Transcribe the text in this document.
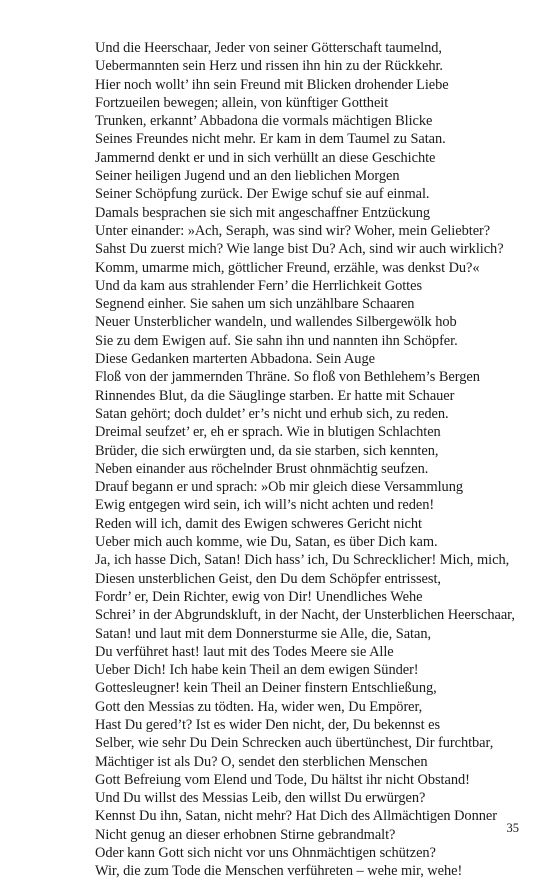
Und die Heerschaar, Jeder von seiner Götterschaft taumelnd,
Uebermannten sein Herz und rissen ihn hin zu der Rückkehr.
Hier noch wollt’ ihn sein Freund mit Blicken drohender Liebe
Fortzueilen bewegen; allein, von künftiger Gottheit
Trunken, erkannt’ Abbadona die vormals mächtigen Blicke
Seines Freundes nicht mehr. Er kam in dem Taumel zu Satan.
Jammernd denkt er und in sich verhüllt an diese Geschichte
Seiner heiligen Jugend und an den lieblichen Morgen
Seiner Schöpfung zurück. Der Ewige schuf sie auf einmal.
Damals besprachen sie sich mit angeschaffner Entzückung
Unter einander: »Ach, Seraph, was sind wir? Woher, mein Geliebter?
Sahst Du zuerst mich? Wie lange bist Du? Ach, sind wir auch wirklich?
Komm, umarme mich, göttlicher Freund, erzähle, was denkst Du?«
Und da kam aus strahlender Fern’ die Herrlichkeit Gottes
Segnend einher. Sie sahen um sich unzählbare Schaaren
Neuer Unsterblicher wandeln, und wallendes Silbergewölk hob
Sie zu dem Ewigen auf. Sie sahn ihn und nannten ihn Schöpfer.
Diese Gedanken marterten Abbadona. Sein Auge
Floß von der jammernden Thräne. So floß von Bethlehem’s Bergen
Rinnendes Blut, da die Säuglinge starben. Er hatte mit Schauer
Satan gehört; doch duldet’ er’s nicht und erhub sich, zu reden.
Dreimal seufzet’ er, eh er sprach. Wie in blutigen Schlachten
Brüder, die sich erwürgten und, da sie starben, sich kennten,
Neben einander aus röchelnder Brust ohnmächtig seufzen.
Drauf begann er und sprach: »Ob mir gleich diese Versammlung
Ewig entgegen wird sein, ich will’s nicht achten und reden!
Reden will ich, damit des Ewigen schweres Gericht nicht
Ueber mich auch komme, wie Du, Satan, es über Dich kam.
Ja, ich hasse Dich, Satan! Dich hass’ ich, Du Schrecklicher! Mich, mich,
Diesen unsterblichen Geist, den Du dem Schöpfer entrissest,
Fordr’ er, Dein Richter, ewig von Dir! Unendliches Wehe
Schrei’ in der Abgrundskluft, in der Nacht, der Unsterblichen Heerschaar,
Satan! und laut mit dem Donnersturme sie Alle, die, Satan,
Du verführet hast! laut mit des Todes Meere sie Alle
Ueber Dich! Ich habe kein Theil an dem ewigen Sünder!
Gottesleugner! kein Theil an Deiner finstern Entschließung,
Gott den Messias zu tödten. Ha, wider wen, Du Empörer,
Hast Du gered’t? Ist es wider Den nicht, der, Du bekennst es
Selber, wie sehr Du Dein Schrecken auch übertünchest, Dir furchtbar,
Mächtiger ist als Du? O, sendet den sterblichen Menschen
Gott Befreiung vom Elend und Tode, Du hältst ihr nicht Obstand!
Und Du willst des Messias Leib, den willst Du erwürgen?
Kennst Du ihn, Satan, nicht mehr? Hat Dich des Allmächtigen Donner
Nicht genug an dieser erhobnen Stirne gebrandmalt?
Oder kann Gott sich nicht vor uns Ohnmächtigen schützen?
Wir, die zum Tode die Menschen verführeten – wehe mir, wehe!
35
